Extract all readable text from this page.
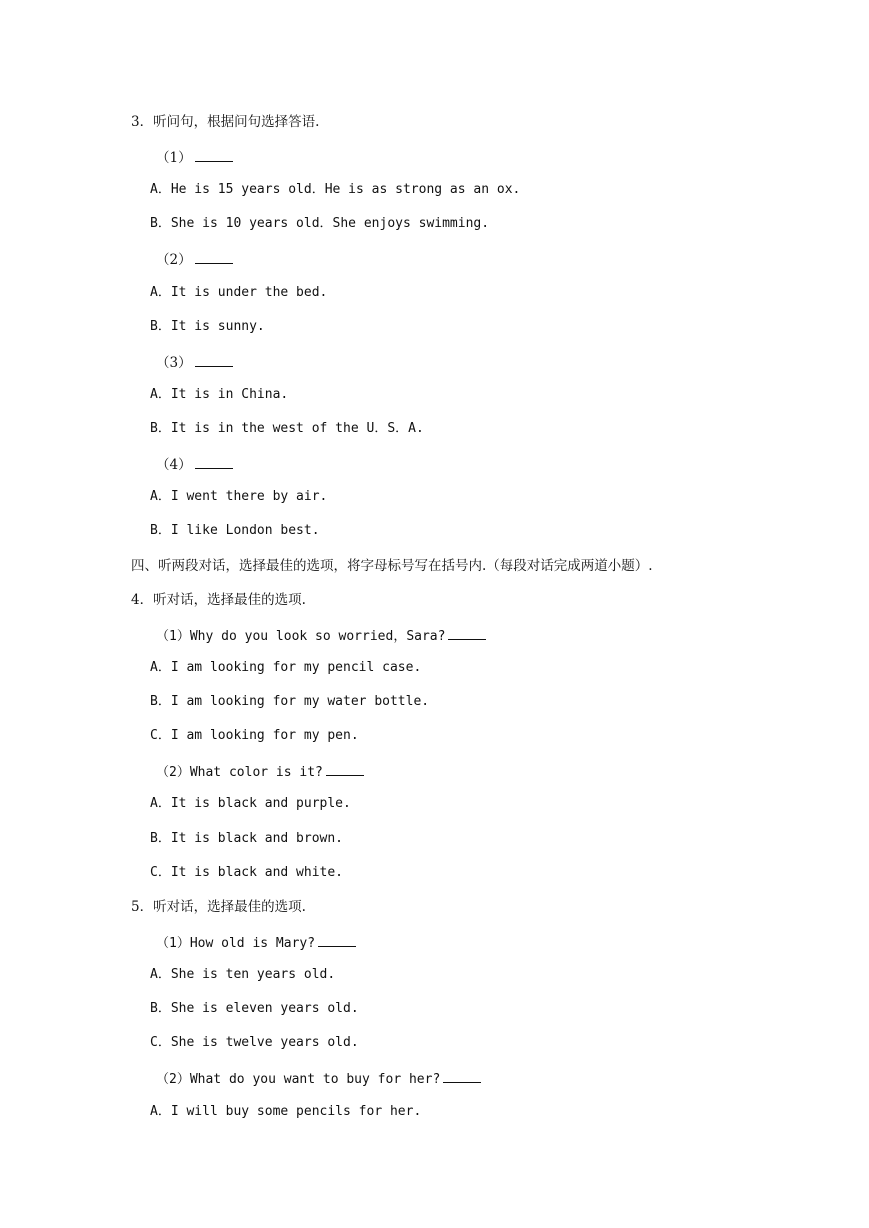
3．听问句，根据问句选择答语.
（1）
A．He is 15 years old．He is as strong as an ox.
B．She is 10 years old．She enjoys swimming.
（2）
A．It is under the bed.
B．It is sunny.
（3）
A．It is in China.
B．It is in the west of the U．S．A.
（4）
A．I went there by air.
B．I like London best.
四、听两段对话，选择最佳的选项，将字母标号写在括号内.（每段对话完成两道小题）.
4．听对话，选择最佳的选项.
（1）Why do you look so worried，Sara?
A．I am looking for my pencil case.
B．I am looking for my water bottle.
C．I am looking for my pen.
（2）What color is it?
A．It is black and purple.
B．It is black and brown.
C．It is black and white.
5．听对话，选择最佳的选项.
（1）How old is Mary?
A．She is ten years old.
B．She is eleven years old.
C．She is twelve years old.
（2）What do you want to buy for her?
A．I will buy some pencils for her.
